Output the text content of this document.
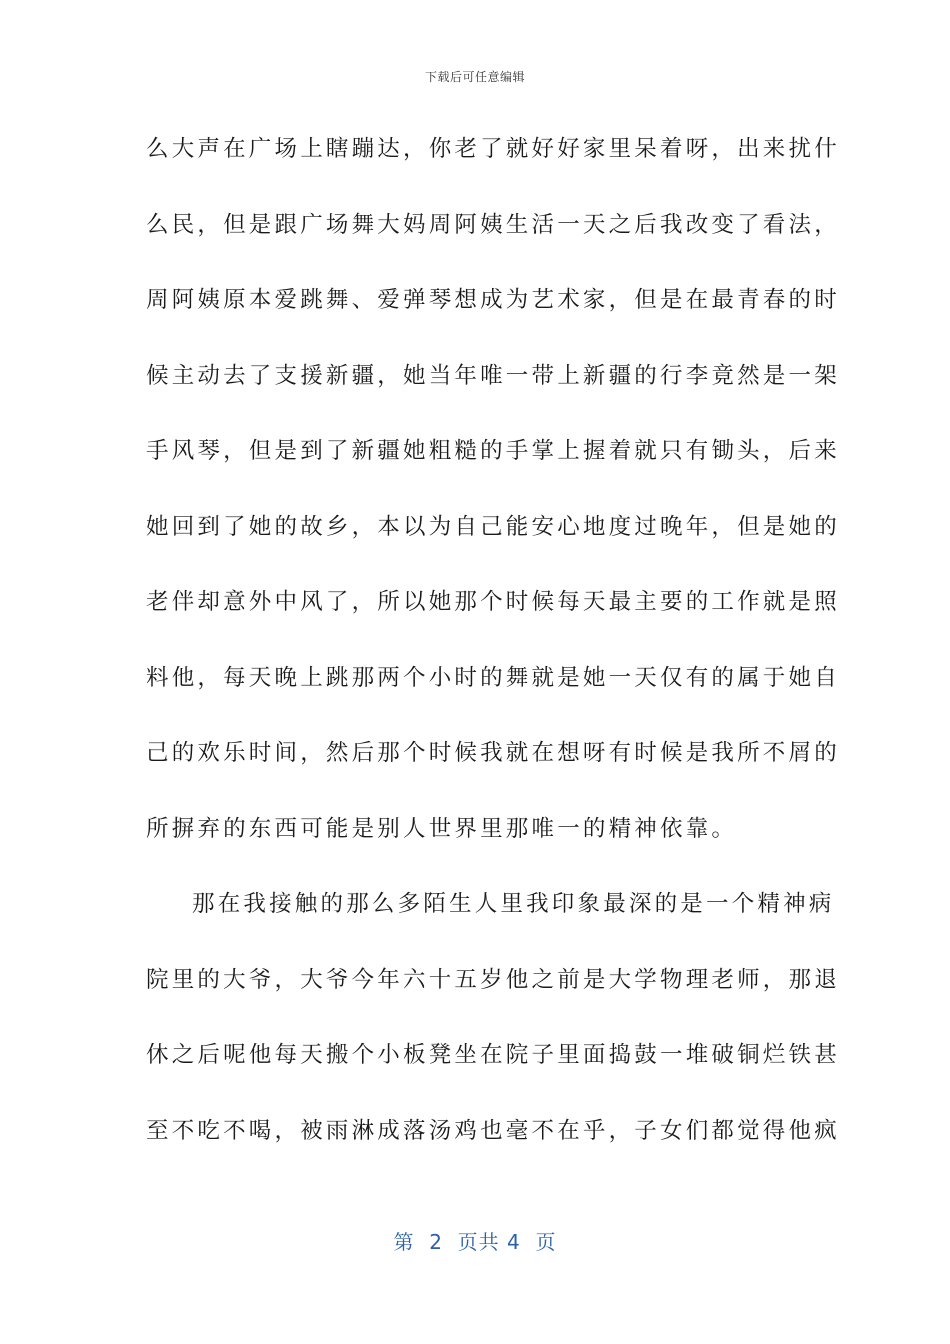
下载后可任意编辑
么大声在广场上瞎蹦达，你老了就好好家里呆着呀，出来扰什
么民，但是跟广场舞大妈周阿姨生活一天之后我改变了看法，
周阿姨原本爱跳舞、爱弹琴想成为艺术家，但是在最青春的时
候主动去了支援新疆，她当年唯一带上新疆的行李竟然是一架
手风琴，但是到了新疆她粗糙的手掌上握着就只有锄头，后来
她回到了她的故乡，本以为自己能安心地度过晚年，但是她的
老伴却意外中风了，所以她那个时候每天最主要的工作就是照
料他，每天晚上跳那两个小时的舞就是她一天仅有的属于她自
己的欢乐时间，然后那个时候我就在想呀有时候是我所不屑的
所摒弃的东西可能是别人世界里那唯一的精神依靠。
那在我接触的那么多陌生人里我印象最深的是一个精神病
院里的大爷，大爷今年六十五岁他之前是大学物理老师，那退
休之后呢他每天搬个小板凳坐在院子里面捣鼓一堆破铜烂铁甚
至不吃不喝，被雨淋成落汤鸡也毫不在乎，子女们都觉得他疯
第  2  页共 4  页
